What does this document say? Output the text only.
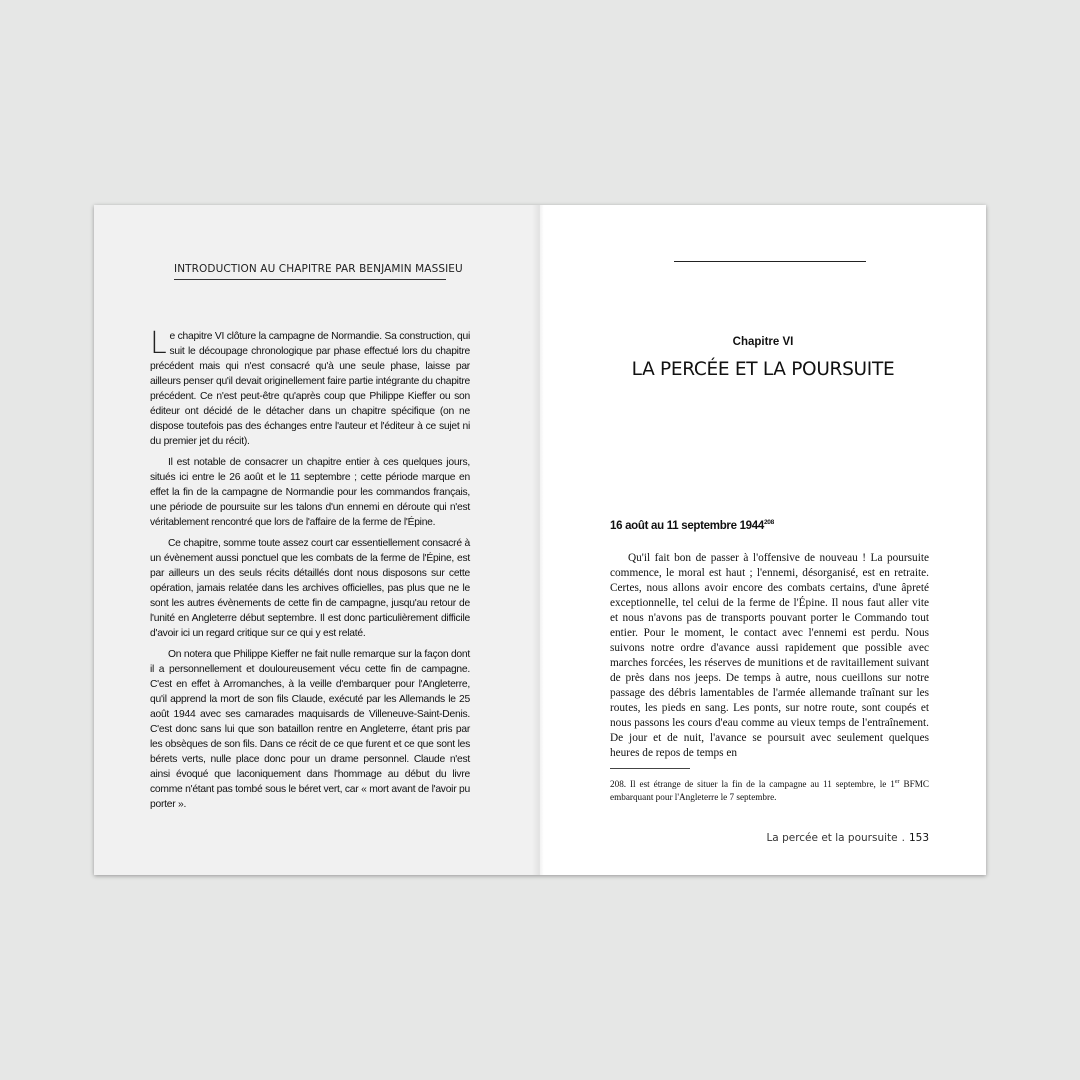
INTRODUCTION AU CHAPITRE PAR BENJAMIN MASSIEU

Le chapitre VI clôture la campagne de Normandie. Sa construction, qui suit le découpage chronologique par phase effectué lors du chapitre précédent mais qui n'est consacré qu'à une seule phase, laisse par ailleurs penser qu'il devait originellement faire partie intégrante du chapitre précédent. Ce n'est peut-être qu'après coup que Philippe Kieffer ou son éditeur ont décidé de le détacher dans un chapitre spécifique (on ne dispose toutefois pas des échanges entre l'auteur et l'éditeur à ce sujet ni du premier jet du récit).

Il est notable de consacrer un chapitre entier à ces quelques jours, situés ici entre le 26 août et le 11 septembre ; cette période marque en effet la fin de la campagne de Normandie pour les commandos français, une période de poursuite sur les talons d'un ennemi en déroute qui n'est véritablement rencontré que lors de l'affaire de la ferme de l'Épine.

Ce chapitre, somme toute assez court car essentiellement consacré à un évènement aussi ponctuel que les combats de la ferme de l'Épine, est par ailleurs un des seuls récits détaillés dont nous disposons sur cette opération, jamais relatée dans les archives officielles, pas plus que ne le sont les autres évènements de cette fin de campagne, jusqu'au retour de l'unité en Angleterre début septembre. Il est donc particulièrement difficile d'avoir ici un regard critique sur ce qui y est relaté.

On notera que Philippe Kieffer ne fait nulle remarque sur la façon dont il a personnellement et douloureusement vécu cette fin de campagne. C'est en effet à Arromanches, à la veille d'embarquer pour l'Angleterre, qu'il apprend la mort de son fils Claude, exécuté par les Allemands le 25 août 1944 avec ses camarades maquisards de Villeneuve-Saint-Denis. C'est donc sans lui que son bataillon rentre en Angleterre, étant pris par les obsèques de son fils. Dans ce récit de ce que furent et ce que sont les bérets verts, nulle place donc pour un drame personnel. Claude n'est ainsi évoqué que laconiquement dans l'hommage au début du livre comme n'étant pas tombé sous le béret vert, car « mort avant de l'avoir pu porter ».

Chapitre VI
LA PERCÉE ET LA POURSUITE
16 août au 11 septembre 1944$^{208}$

Qu'il fait bon de passer à l'offensive de nouveau ! La poursuite commence, le moral est haut ; l'ennemi, désorganisé, est en retraite. Certes, nous allons avoir encore des combats certains, d'une âpreté exceptionnelle, tel celui de la ferme de l'Épine. Il nous faut aller vite et nous n'avons pas de transports pouvant porter le Commando tout entier. Pour le moment, le contact avec l'ennemi est perdu. Nous suivons notre ordre d'avance aussi rapidement que possible avec marches forcées, les réserves de munitions et de ravitaillement suivant de près dans nos jeeps. De temps à autre, nous cueillons sur notre passage des débris lamentables de l'armée allemande traînant sur les routes, les pieds en sang. Les ponts, sur notre route, sont coupés et nous passons les cours d'eau comme au vieux temps de l'entraînement. De jour et de nuit, l'avance se poursuit avec seulement quelques heures de repos de temps en

208. Il est étrange de situer la fin de la campagne au 11 septembre, le 1er BFMC embarquant pour l'Angleterre le 7 septembre.

La percée et la poursuite . 153
